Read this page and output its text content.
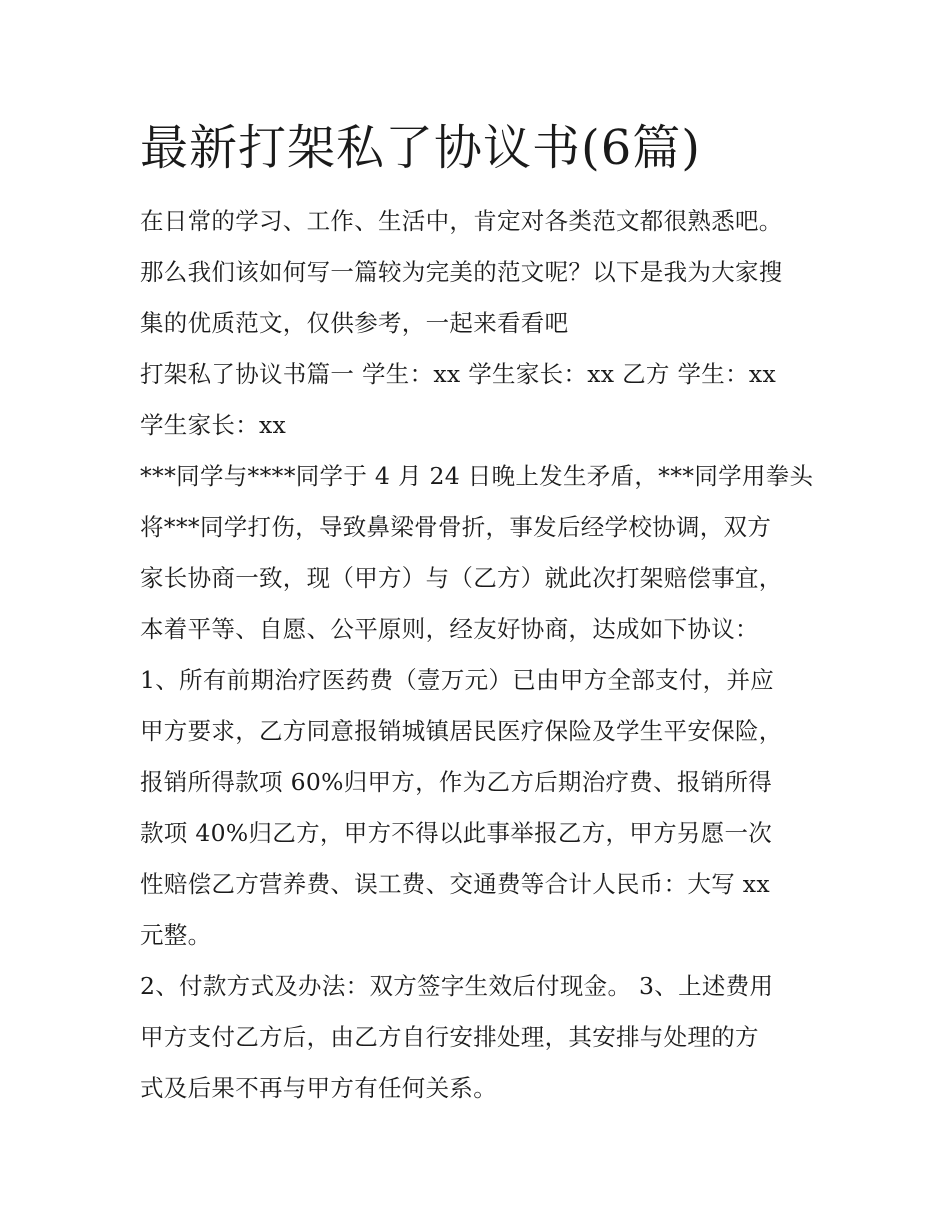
最新打架私了协议书(6篇)
在日常的学习、工作、生活中，肯定对各类范文都很熟悉吧。
那么我们该如何写一篇较为完美的范文呢？以下是我为大家搜
集的优质范文，仅供参考，一起来看看吧
打架私了协议书篇一 学生：xx 学生家长：xx 乙方 学生：xx
学生家长：xx
***同学与****同学于 4 月 24 日晚上发生矛盾，***同学用拳头
将***同学打伤，导致鼻梁骨骨折，事发后经学校协调，双方
家长协商一致，现（甲方）与（乙方）就此次打架赔偿事宜，
本着平等、自愿、公平原则，经友好协商，达成如下协议：
1、所有前期治疗医药费（壹万元）已由甲方全部支付，并应
甲方要求，乙方同意报销城镇居民医疗保险及学生平安保险，
报销所得款项 60%归甲方，作为乙方后期治疗费、报销所得
款项 40%归乙方，甲方不得以此事举报乙方，甲方另愿一次
性赔偿乙方营养费、误工费、交通费等合计人民币：大写 xx
元整。
2、付款方式及办法：双方签字生效后付现金。 3、上述费用
甲方支付乙方后，由乙方自行安排处理，其安排与处理的方
式及后果不再与甲方有任何关系。
